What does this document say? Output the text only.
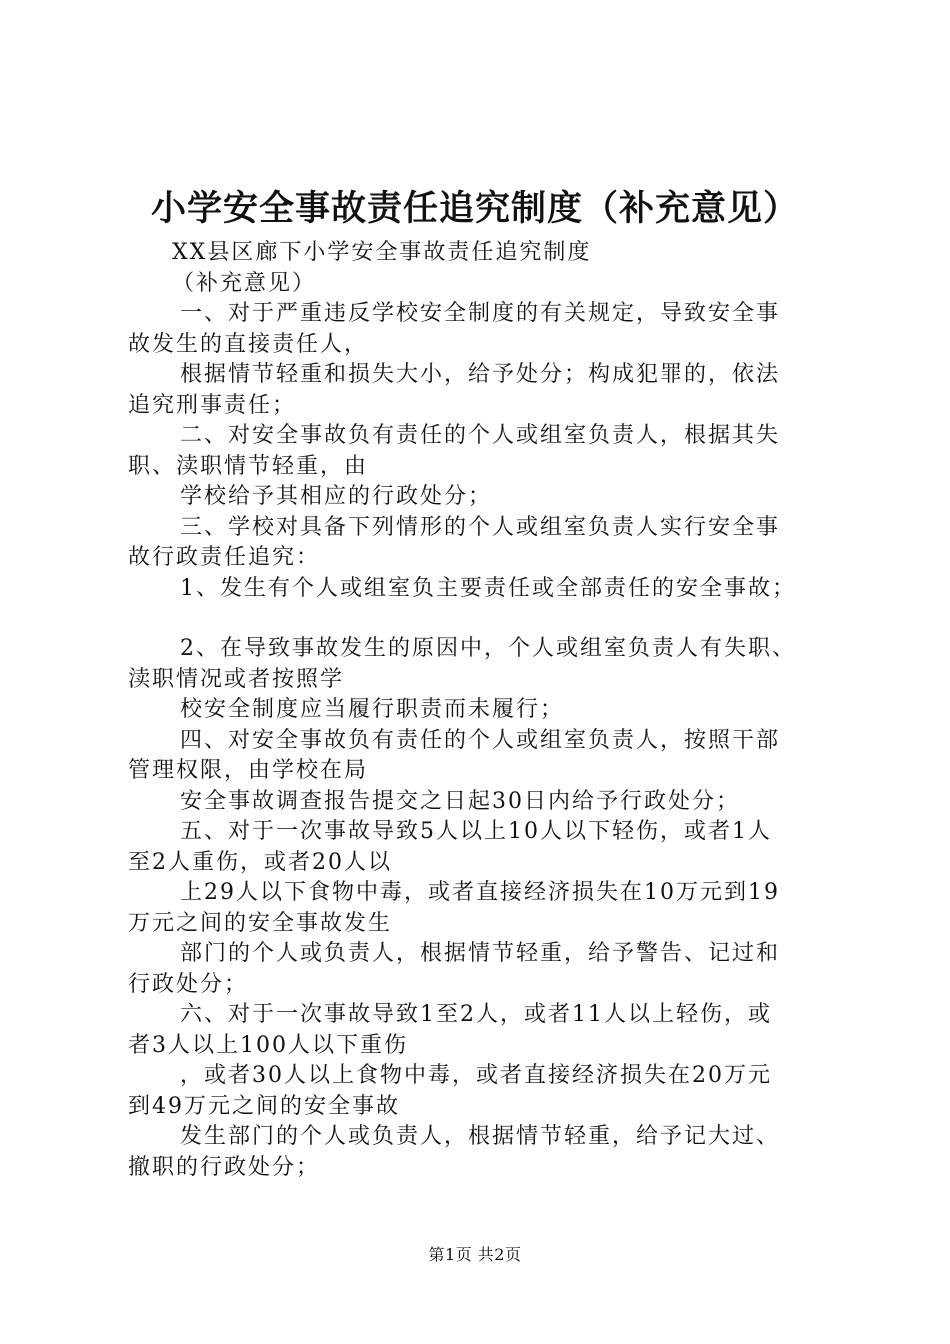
小学安全事故责任追究制度（补充意见）
XX县区廊下小学安全事故责任追究制度
（补充意见）
一、对于严重违反学校安全制度的有关规定，导致安全事
故发生的直接责任人，
根据情节轻重和损失大小，给予处分；构成犯罪的，依法
追究刑事责任；
二、对安全事故负有责任的个人或组室负责人，根据其失
职、渎职情节轻重，由
学校给予其相应的行政处分；
三、学校对具备下列情形的个人或组室负责人实行安全事
故行政责任追究：
1、发生有个人或组室负主要责任或全部责任的安全事故；
2、在导致事故发生的原因中，个人或组室负责人有失职、
渎职情况或者按照学
校安全制度应当履行职责而未履行；
四、对安全事故负有责任的个人或组室负责人，按照干部
管理权限，由学校在局
安全事故调查报告提交之日起30日内给予行政处分；
五、对于一次事故导致5人以上10人以下轻伤，或者1人
至2人重伤，或者20人以
上29人以下食物中毒，或者直接经济损失在10万元到19
万元之间的安全事故发生
部门的个人或负责人，根据情节轻重，给予警告、记过和
行政处分；
六、对于一次事故导致1至2人，或者11人以上轻伤，或
者3人以上100人以下重伤
，或者30人以上食物中毒，或者直接经济损失在20万元
到49万元之间的安全事故
发生部门的个人或负责人，根据情节轻重，给予记大过、
撤职的行政处分；
第1页 共2页
